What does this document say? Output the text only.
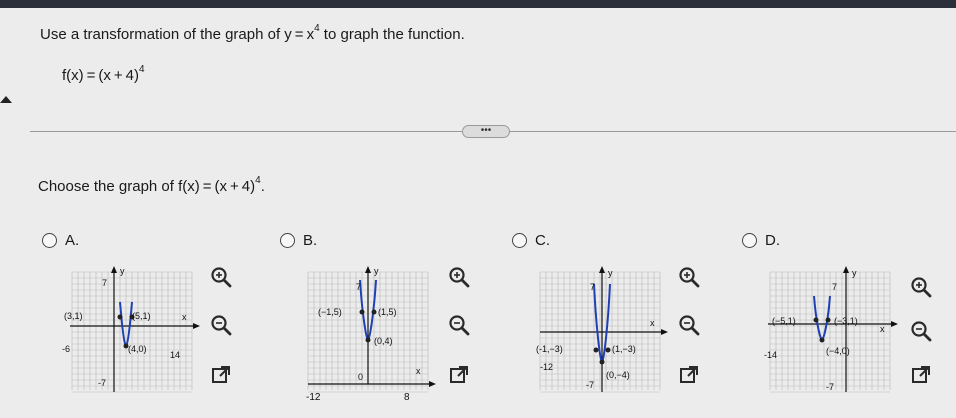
Use a transformation of the graph of $y = x^4$ to graph the function.
$f(x) = (x + 4)^4$
•••
Choose the graph of $f(x) = (x + 4)^4$.
A.	B.	C.	D.
y
x
7
(3,1)	(5,1)
-6	(4,0)
14
-7
y
7
(−1,5)	(1,5)
(0,4)
x
0
-12	8
y
7
x
(-1,−3)	(1,−3)
(0,−4)
-7
-12
y
x
7
(−5,1)	(−3,1)
-14	(−4,0)
-7
